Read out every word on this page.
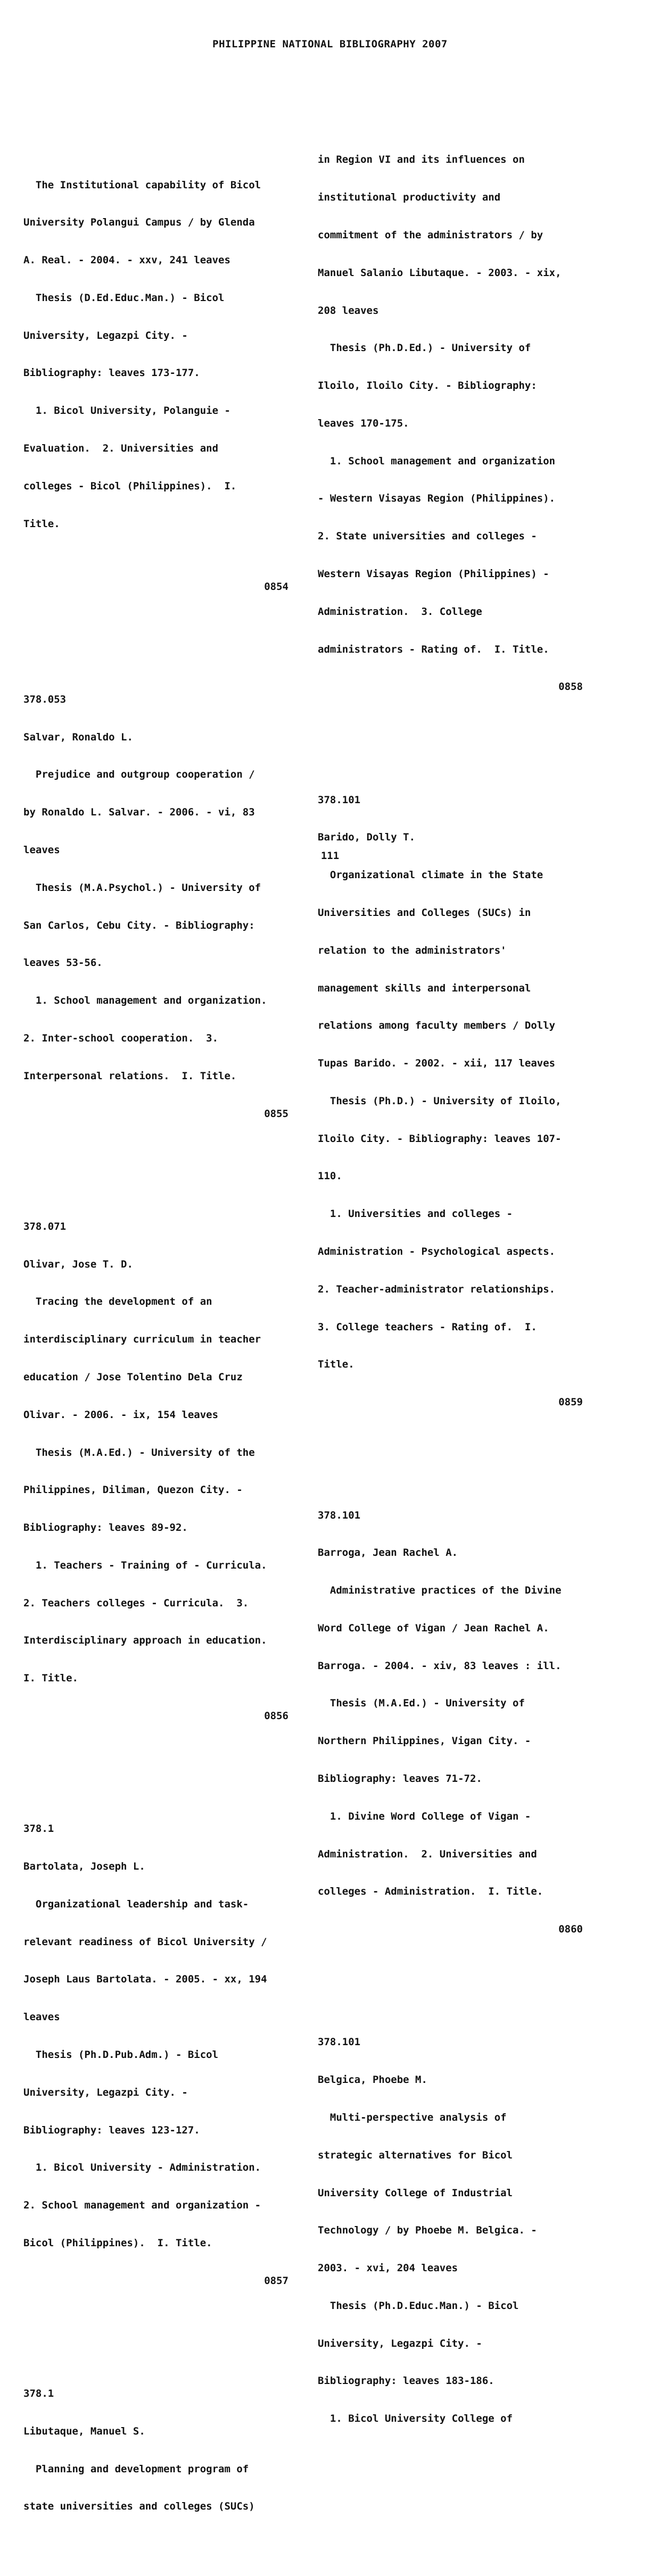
PHILIPPINE NATIONAL BIBLIOGRAPHY 2007

The Institutional capability of Bicol

University Polangui Campus / by Glenda

A. Real. - 2004. - xxv, 241 leaves

Thesis (D.Ed.Educ.Man.) - Bicol

University, Legazpi City. -

Bibliography: leaves 173-177.

1. Bicol University, Polanguie -

Evaluation.  2. Universities and

colleges - Bicol (Philippines).  I.

Title.

0854

378.053

Salvar, Ronaldo L.

Prejudice and outgroup cooperation /

by Ronaldo L. Salvar. - 2006. - vi, 83

leaves

Thesis (M.A.Psychol.) - University of

San Carlos, Cebu City. - Bibliography:

leaves 53-56.

1. School management and organization.

2. Inter-school cooperation.  3.

Interpersonal relations.  I. Title.

0855

378.071

Olivar, Jose T. D.

Tracing the development of an

interdisciplinary curriculum in teacher

education / Jose Tolentino Dela Cruz

Olivar. - 2006. - ix, 154 leaves

Thesis (M.A.Ed.) - University of the

Philippines, Diliman, Quezon City. -

Bibliography: leaves 89-92.

1. Teachers - Training of - Curricula.

2. Teachers colleges - Curricula.  3.

Interdisciplinary approach in education.

I. Title.

0856

378.1

Bartolata, Joseph L.

Organizational leadership and task-

relevant readiness of Bicol University /

Joseph Laus Bartolata. - 2005. - xx, 194

leaves

Thesis (Ph.D.Pub.Adm.) - Bicol

University, Legazpi City. -

Bibliography: leaves 123-127.

1. Bicol University - Administration.

2. School management and organization -

Bicol (Philippines).  I. Title.

0857

378.1

Libutaque, Manuel S.

Planning and development program of

state universities and colleges (SUCs)

in Region VI and its influences on

institutional productivity and

commitment of the administrators / by

Manuel Salanio Libutaque. - 2003. - xix,

208 leaves

Thesis (Ph.D.Ed.) - University of

Iloilo, Iloilo City. - Bibliography:

leaves 170-175.

1. School management and organization

- Western Visayas Region (Philippines).

2. State universities and colleges -

Western Visayas Region (Philippines) -

Administration.  3. College

administrators - Rating of.  I. Title.

0858

378.101

Barido, Dolly T.

Organizational climate in the State

Universities and Colleges (SUCs) in

relation to the administrators'

management skills and interpersonal

relations among faculty members / Dolly

Tupas Barido. - 2002. - xii, 117 leaves

Thesis (Ph.D.) - University of Iloilo,

Iloilo City. - Bibliography: leaves 107-

110.

1. Universities and colleges -

Administration - Psychological aspects.

2. Teacher-administrator relationships.

3. College teachers - Rating of.  I.

Title.

0859

378.101

Barroga, Jean Rachel A.

Administrative practices of the Divine

Word College of Vigan / Jean Rachel A.

Barroga. - 2004. - xiv, 83 leaves : ill.

Thesis (M.A.Ed.) - University of

Northern Philippines, Vigan City. -

Bibliography: leaves 71-72.

1. Divine Word College of Vigan -

Administration.  2. Universities and

colleges - Administration.  I. Title.

0860

378.101

Belgica, Phoebe M.

Multi-perspective analysis of

strategic alternatives for Bicol

University College of Industrial

Technology / by Phoebe M. Belgica. -

2003. - xvi, 204 leaves

Thesis (Ph.D.Educ.Man.) - Bicol

University, Legazpi City. -

Bibliography: leaves 183-186.

1. Bicol University College of

111
